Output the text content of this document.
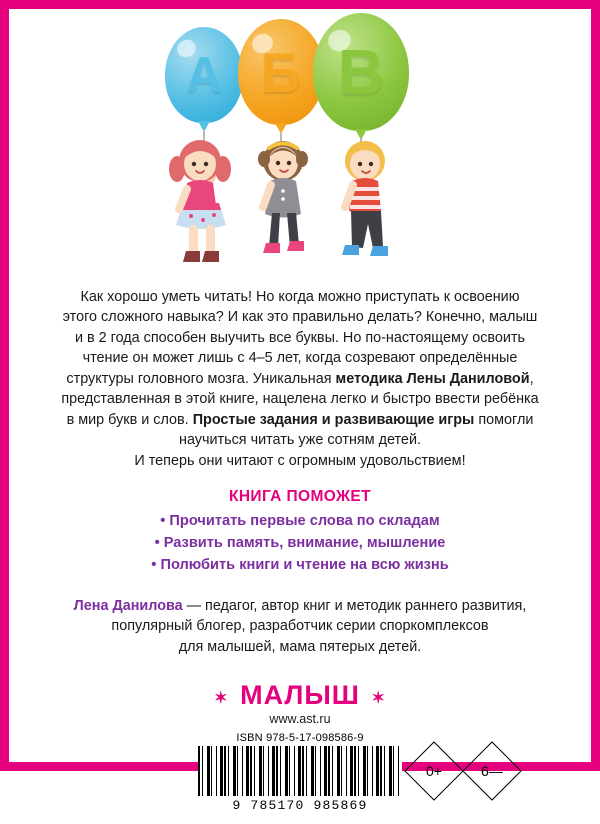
А Б В

Как хорошо уметь читать! Но когда можно приступать к освоению

этого сложного навыка? И как это правильно делать? Конечно, малыш

и в 2 года способен выучить все буквы. Но по-настоящему освоить

чтение он может лишь с 4–5 лет, когда созревают определённые

структуры головного мозга. Уникальная методика Лены Даниловой,

представленная в этой книге, нацелена легко и быстро ввести ребёнка

в мир букв и слов. Простые задания и развивающие игры помогли

научиться читать уже сотням детей.

И теперь они читают с огромным удовольствием!

КНИГА ПОМОЖЕТ
• Прочитать первые слова по складам
• Развить память, внимание, мышление
• Полюбить книги и чтение на всю жизнь

Лена Данилова — педагог, автор книг и методик раннего развития,

популярный блогер, разработчик серии споркомплексов

для малышей, мама пятерых детей.

✶ МАЛЫШ ✶
www.ast.ru
ISBN 978-5-17-098586-9
9 785170 985869
0+	6—
